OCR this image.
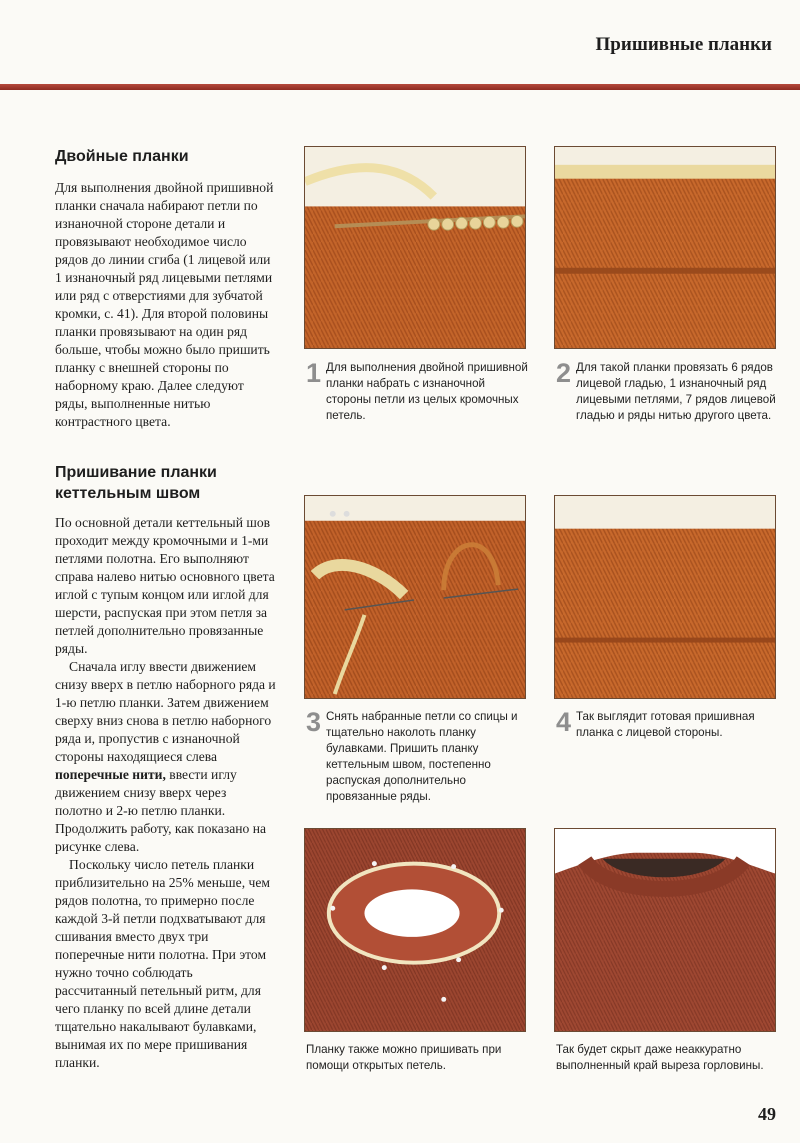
Пришивные планки
Двойные планки

Для выполнения двойной пришивной планки сначала набирают петли по изнаночной стороне детали и провязывают необходимое число рядов до линии сгиба (1 лицевой или 1 изнаночный ряд лицевыми петлями или ряд с отверстиями для зубчатой кромки, с. 41). Для второй половины планки провязывают на один ряд больше, чтобы можно было пришить планку с внешней стороны по наборному краю. Далее следуют ряды, выполненные нитью контрастного цвета.

Пришивание планки кеттельным швом

По основной детали кеттельный шов проходит между кромочными и 1-ми петлями полотна. Его выполняют справа налево нитью основного цвета иглой с тупым концом или иглой для шерсти, распуская при этом петля за петлей дополнительно провязанные ряды.

Сначала иглу ввести движением снизу вверх в петлю наборного ряда и 1-ю петлю планки. Затем движением сверху вниз снова в петлю наборного ряда и, пропустив с изнаночной стороны находящиеся слева поперечные нити, ввести иглу движением снизу вверх через полотно и 2-ю петлю планки. Продолжить работу, как показано на рисунке слева.

Поскольку число петель планки приблизительно на 25% меньше, чем рядов полотна, то примерно после каждой 3-й петли подхватывают для сшивания вместо двух три поперечные нити полотна. При этом нужно точно соблюдать рассчитанный петельный ритм, для чего планку по всей длине детали тщательно накалывают булавками, вынимая их по мере пришивания планки.

1 Для выполнения двойной пришивной планки набрать с изнаночной стороны петли из целых кромочных петель.
2 Для такой планки провязать 6 рядов лицевой гладью, 1 изнаночный ряд лицевыми петлями, 7 рядов лицевой гладью и ряды нитью другого цвета.
3 Снять набранные петли со спицы и тщательно наколоть планку булавками. Пришить планку кеттельным швом, постепенно распуская дополнительно провязанные ряды.
4 Так выглядит готовая пришивная планка с лицевой стороны.
Планку также можно пришивать при помощи открытых петель.
Так будет скрыт даже неаккуратно выполненный край выреза горловины.
49
